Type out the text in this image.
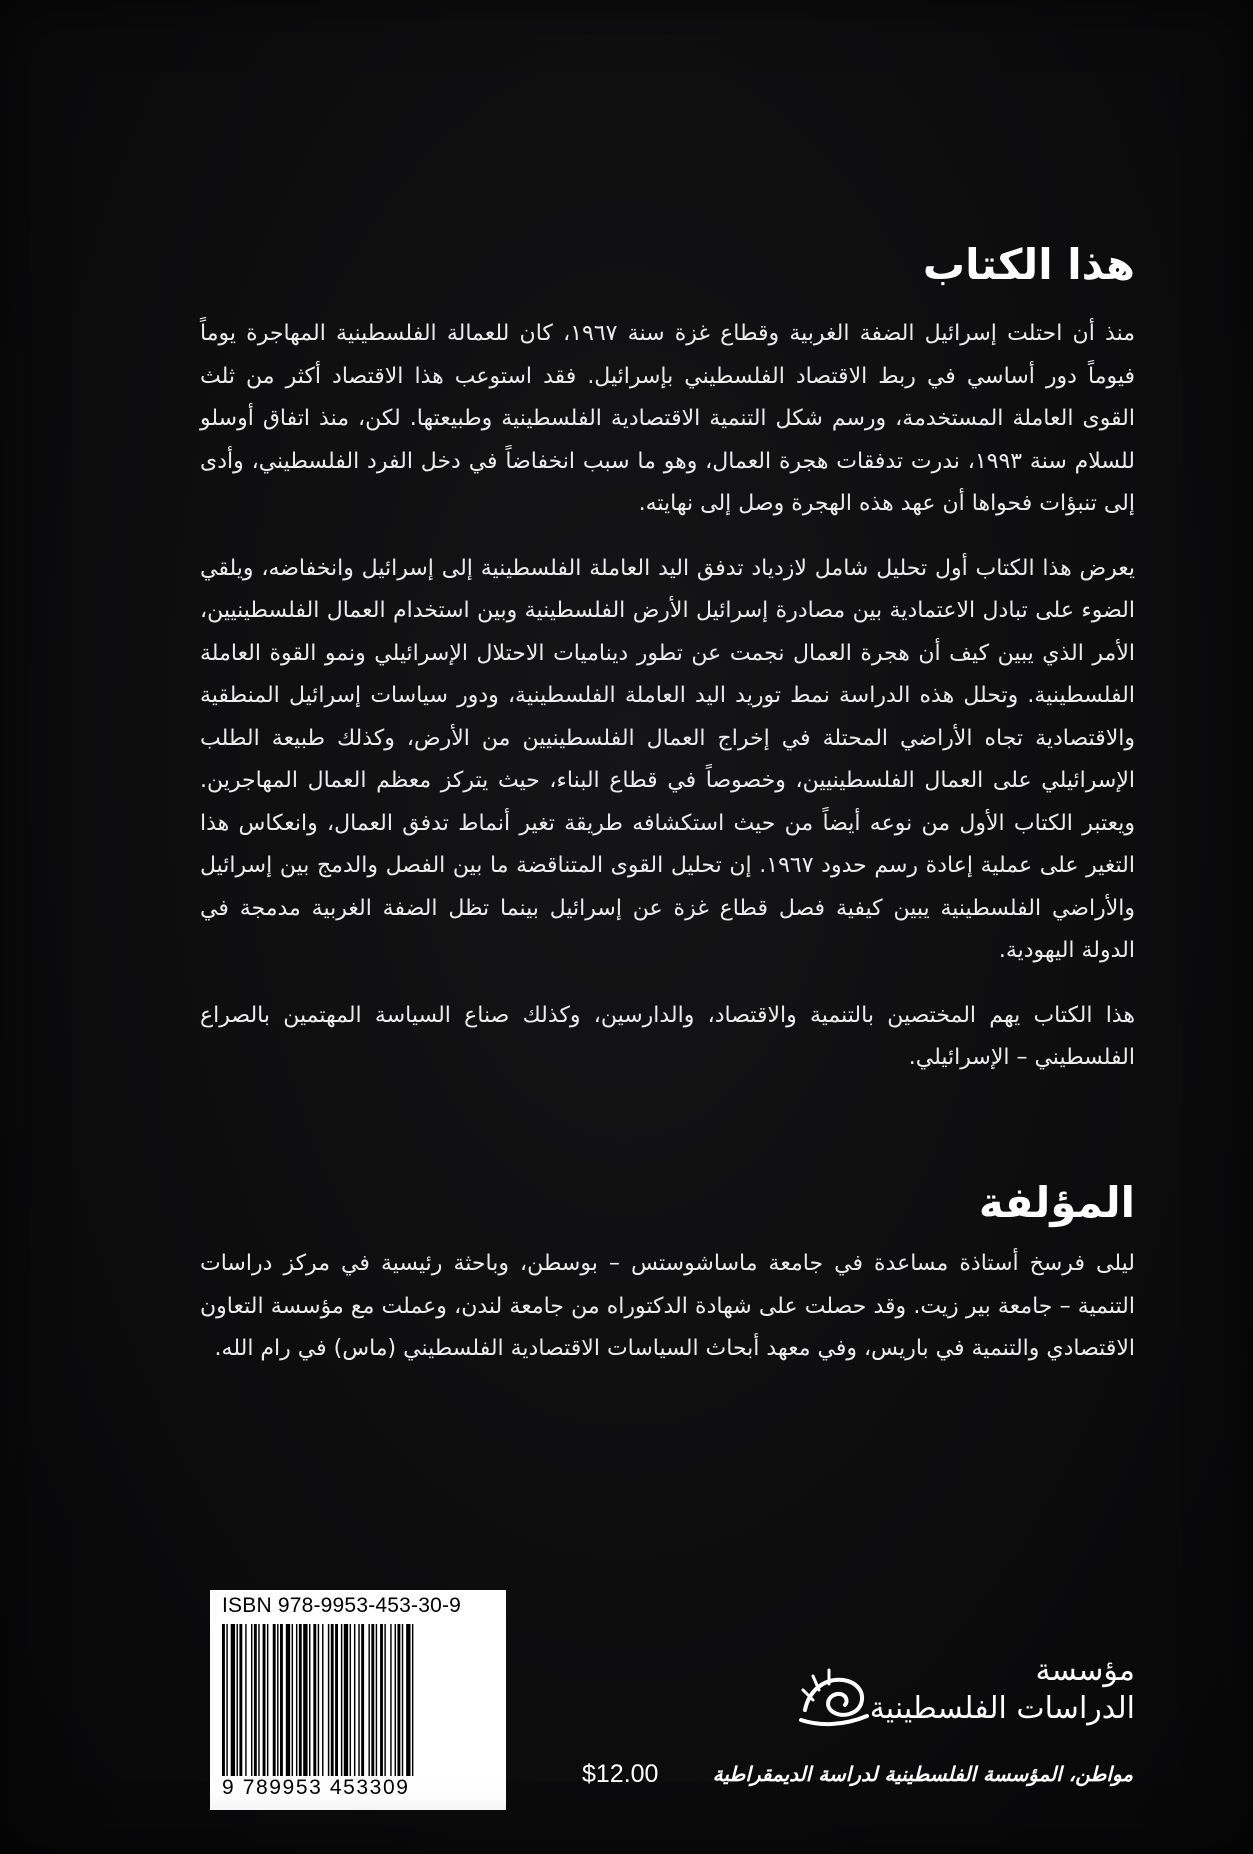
هذا الكتاب

منذ أن احتلت إسرائيل الضفة الغربية وقطاع غزة سنة ١٩٦٧، كان للعمالة الفلسطينية المهاجرة يوماً فيوماً دور أساسي في ربط الاقتصاد الفلسطيني بإسرائيل. فقد استوعب هذا الاقتصاد أكثر من ثلث القوى العاملة المستخدمة، ورسم شكل التنمية الاقتصادية الفلسطينية وطبيعتها. لكن، منذ اتفاق أوسلو للسلام سنة ١٩٩٣، ندرت تدفقات هجرة العمال، وهو ما سبب انخفاضاً في دخل الفرد الفلسطيني، وأدى إلى تنبؤات فحواها أن عهد هذه الهجرة وصل إلى نهايته.

يعرض هذا الكتاب أول تحليل شامل لازدياد تدفق اليد العاملة الفلسطينية إلى إسرائيل وانخفاضه، ويلقي الضوء على تبادل الاعتمادية بين مصادرة إسرائيل الأرض الفلسطينية وبين استخدام العمال الفلسطينيين، الأمر الذي يبين كيف أن هجرة العمال نجمت عن تطور ديناميات الاحتلال الإسرائيلي ونمو القوة العاملة الفلسطينية. وتحلل هذه الدراسة نمط توريد اليد العاملة الفلسطينية، ودور سياسات إسرائيل المنطقية والاقتصادية تجاه الأراضي المحتلة في إخراج العمال الفلسطينيين من الأرض، وكذلك طبيعة الطلب الإسرائيلي على العمال الفلسطينيين، وخصوصاً في قطاع البناء، حيث يتركز معظم العمال المهاجرين. ويعتبر الكتاب الأول من نوعه أيضاً من حيث استكشافه طريقة تغير أنماط تدفق العمال، وانعكاس هذا التغير على عملية إعادة رسم حدود ١٩٦٧. إن تحليل القوى المتناقضة ما بين الفصل والدمج بين إسرائيل والأراضي الفلسطينية يبين كيفية فصل قطاع غزة عن إسرائيل بينما تظل الضفة الغربية مدمجة في الدولة اليهودية.

هذا الكتاب يهم المختصين بالتنمية والاقتصاد، والدارسين، وكذلك صناع السياسة المهتمين بالصراع الفلسطيني – الإسرائيلي.

المؤلفة

ليلى فرسخ أستاذة مساعدة في جامعة ماساشوستس – بوسطن، وباحثة رئيسية في مركز دراسات التنمية – جامعة بير زيت. وقد حصلت على شهادة الدكتوراه من جامعة لندن، وعملت مع مؤسسة التعاون الاقتصادي والتنمية في باريس، وفي معهد أبحاث السياسات الاقتصادية الفلسطيني (ماس) في رام الله.

ISBN 978-9953-453-30-9
9 789953 453309	$12.00
مؤسسة
الدراسات الفلسطينية
مواطن، المؤسسة الفلسطينية لدراسة الديمقراطية
